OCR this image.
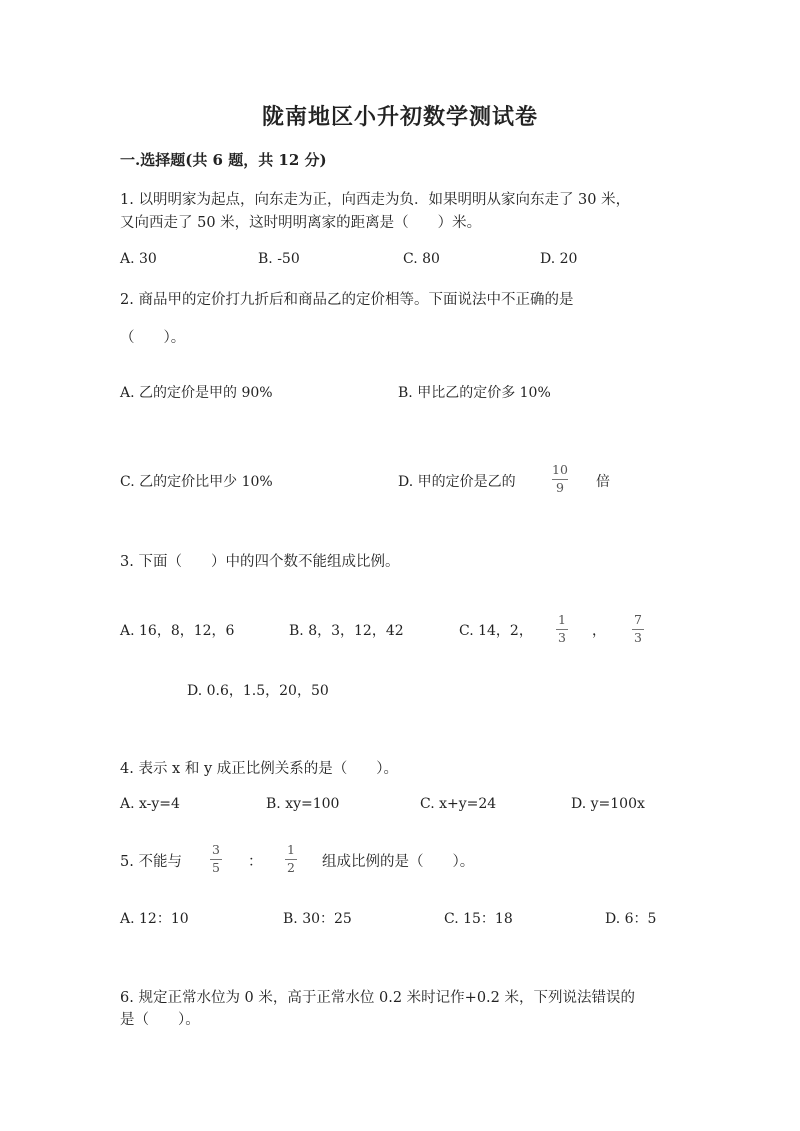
陇南地区小升初数学测试卷
一.选择题(共 6 题，共 12 分)
1. 以明明家为起点，向东走为正，向西走为负．如果明明从家向东走了 30 米，
又向西走了 50 米，这时明明离家的距离是（　　）米。
A. 30	B. -50	C. 80	D. 20
2. 商品甲的定价打九折后和商品乙的定价相等。下面说法中不正确的是
（　　）。
A. 乙的定价是甲的 90%	B. 甲比乙的定价多 10%
C. 乙的定价比甲少 10%	D. 甲的定价是乙的
10
9 倍
3. 下面（　　）中的四个数不能组成比例。
A. 16，8，12，6	B. 8，3，12，42	C. 14，2，
1
3 ，
7
3
D. 0.6，1.5，20，50
4. 表示 x 和 y 成正比例关系的是（　　）。
A. x-y=4	B. xy=100	C. x+y=24	D. y=100x
5. 不能与
3
5 ：
1
2 组成比例的是（　　）。
A. 12：10	B. 30：25	C. 15：18	D. 6：5
6. 规定正常水位为 0 米，高于正常水位 0.2 米时记作+0.2 米，下列说法错误的
是（　　）。
